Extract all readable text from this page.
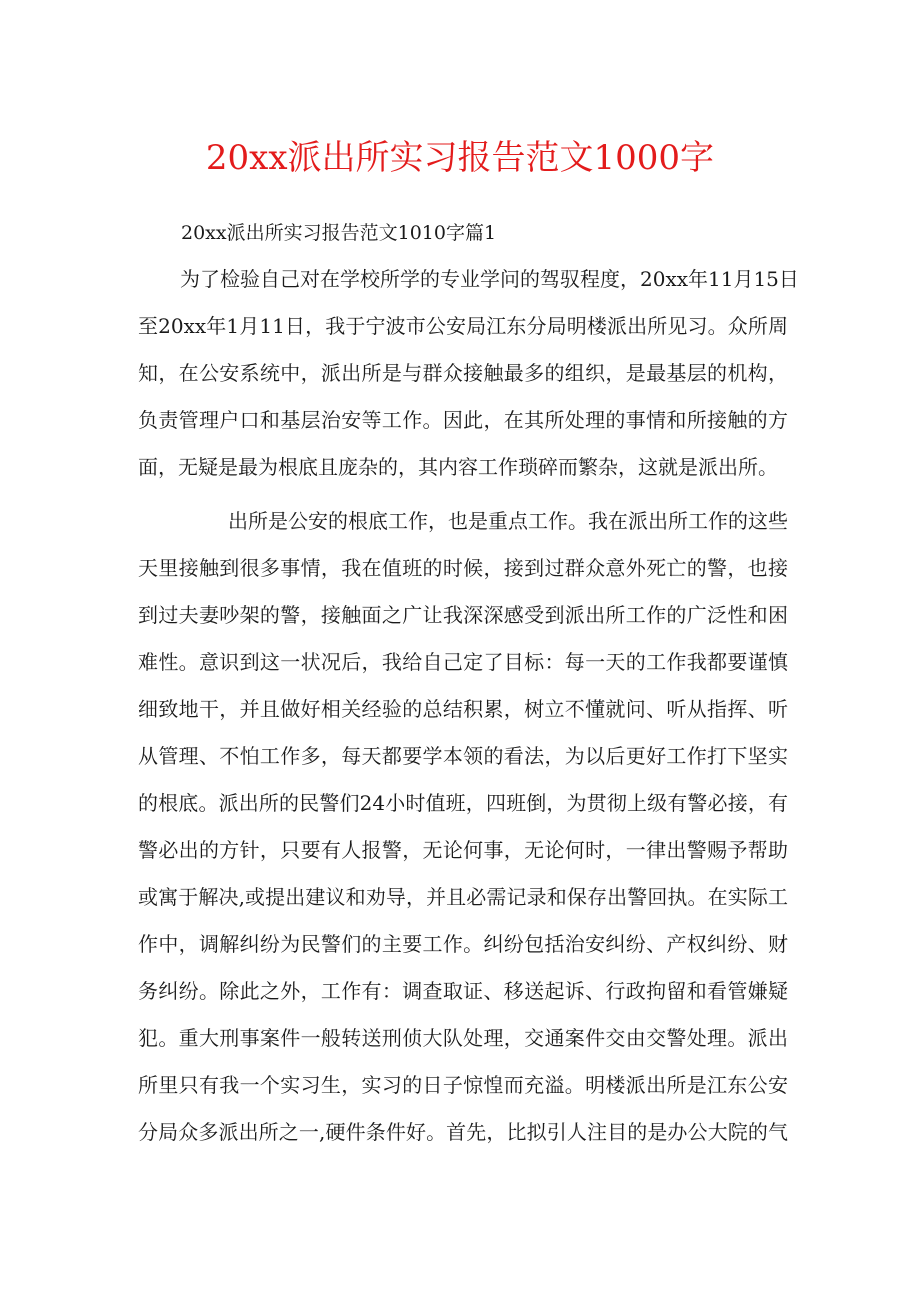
20xx派出所实习报告范文1000字
20xx派出所实习报告范文1010字篇1
为了检验自己对在学校所学的专业学问的驾驭程度，20xx年11月15日
至20xx年1月11日，我于宁波市公安局江东分局明楼派出所见习。众所周
知，在公安系统中，派出所是与群众接触最多的组织，是最基层的机构，
负责管理户口和基层治安等工作。因此，在其所处理的事情和所接触的方
面，无疑是最为根底且庞杂的，其内容工作琐碎而繁杂，这就是派出所。
出所是公安的根底工作，也是重点工作。我在派出所工作的这些
天里接触到很多事情，我在值班的时候，接到过群众意外死亡的警，也接
到过夫妻吵架的警，接触面之广让我深深感受到派出所工作的广泛性和困
难性。意识到这一状况后，我给自己定了目标：每一天的工作我都要谨慎
细致地干，并且做好相关经验的总结积累，树立不懂就问、听从指挥、听
从管理、不怕工作多，每天都要学本领的看法，为以后更好工作打下坚实
的根底。派出所的民警们24小时值班，四班倒，为贯彻上级有警必接，有
警必出的方针，只要有人报警，无论何事，无论何时，一律出警赐予帮助
或寓于解决,或提出建议和劝导，并且必需记录和保存出警回执。在实际工
作中，调解纠纷为民警们的主要工作。纠纷包括治安纠纷、产权纠纷、财
务纠纷。除此之外，工作有：调查取证、移送起诉、行政拘留和看管嫌疑
犯。重大刑事案件一般转送刑侦大队处理，交通案件交由交警处理。派出
所里只有我一个实习生，实习的日子惊惶而充溢。明楼派出所是江东公安
分局众多派出所之一,硬件条件好。首先，比拟引人注目的是办公大院的气
